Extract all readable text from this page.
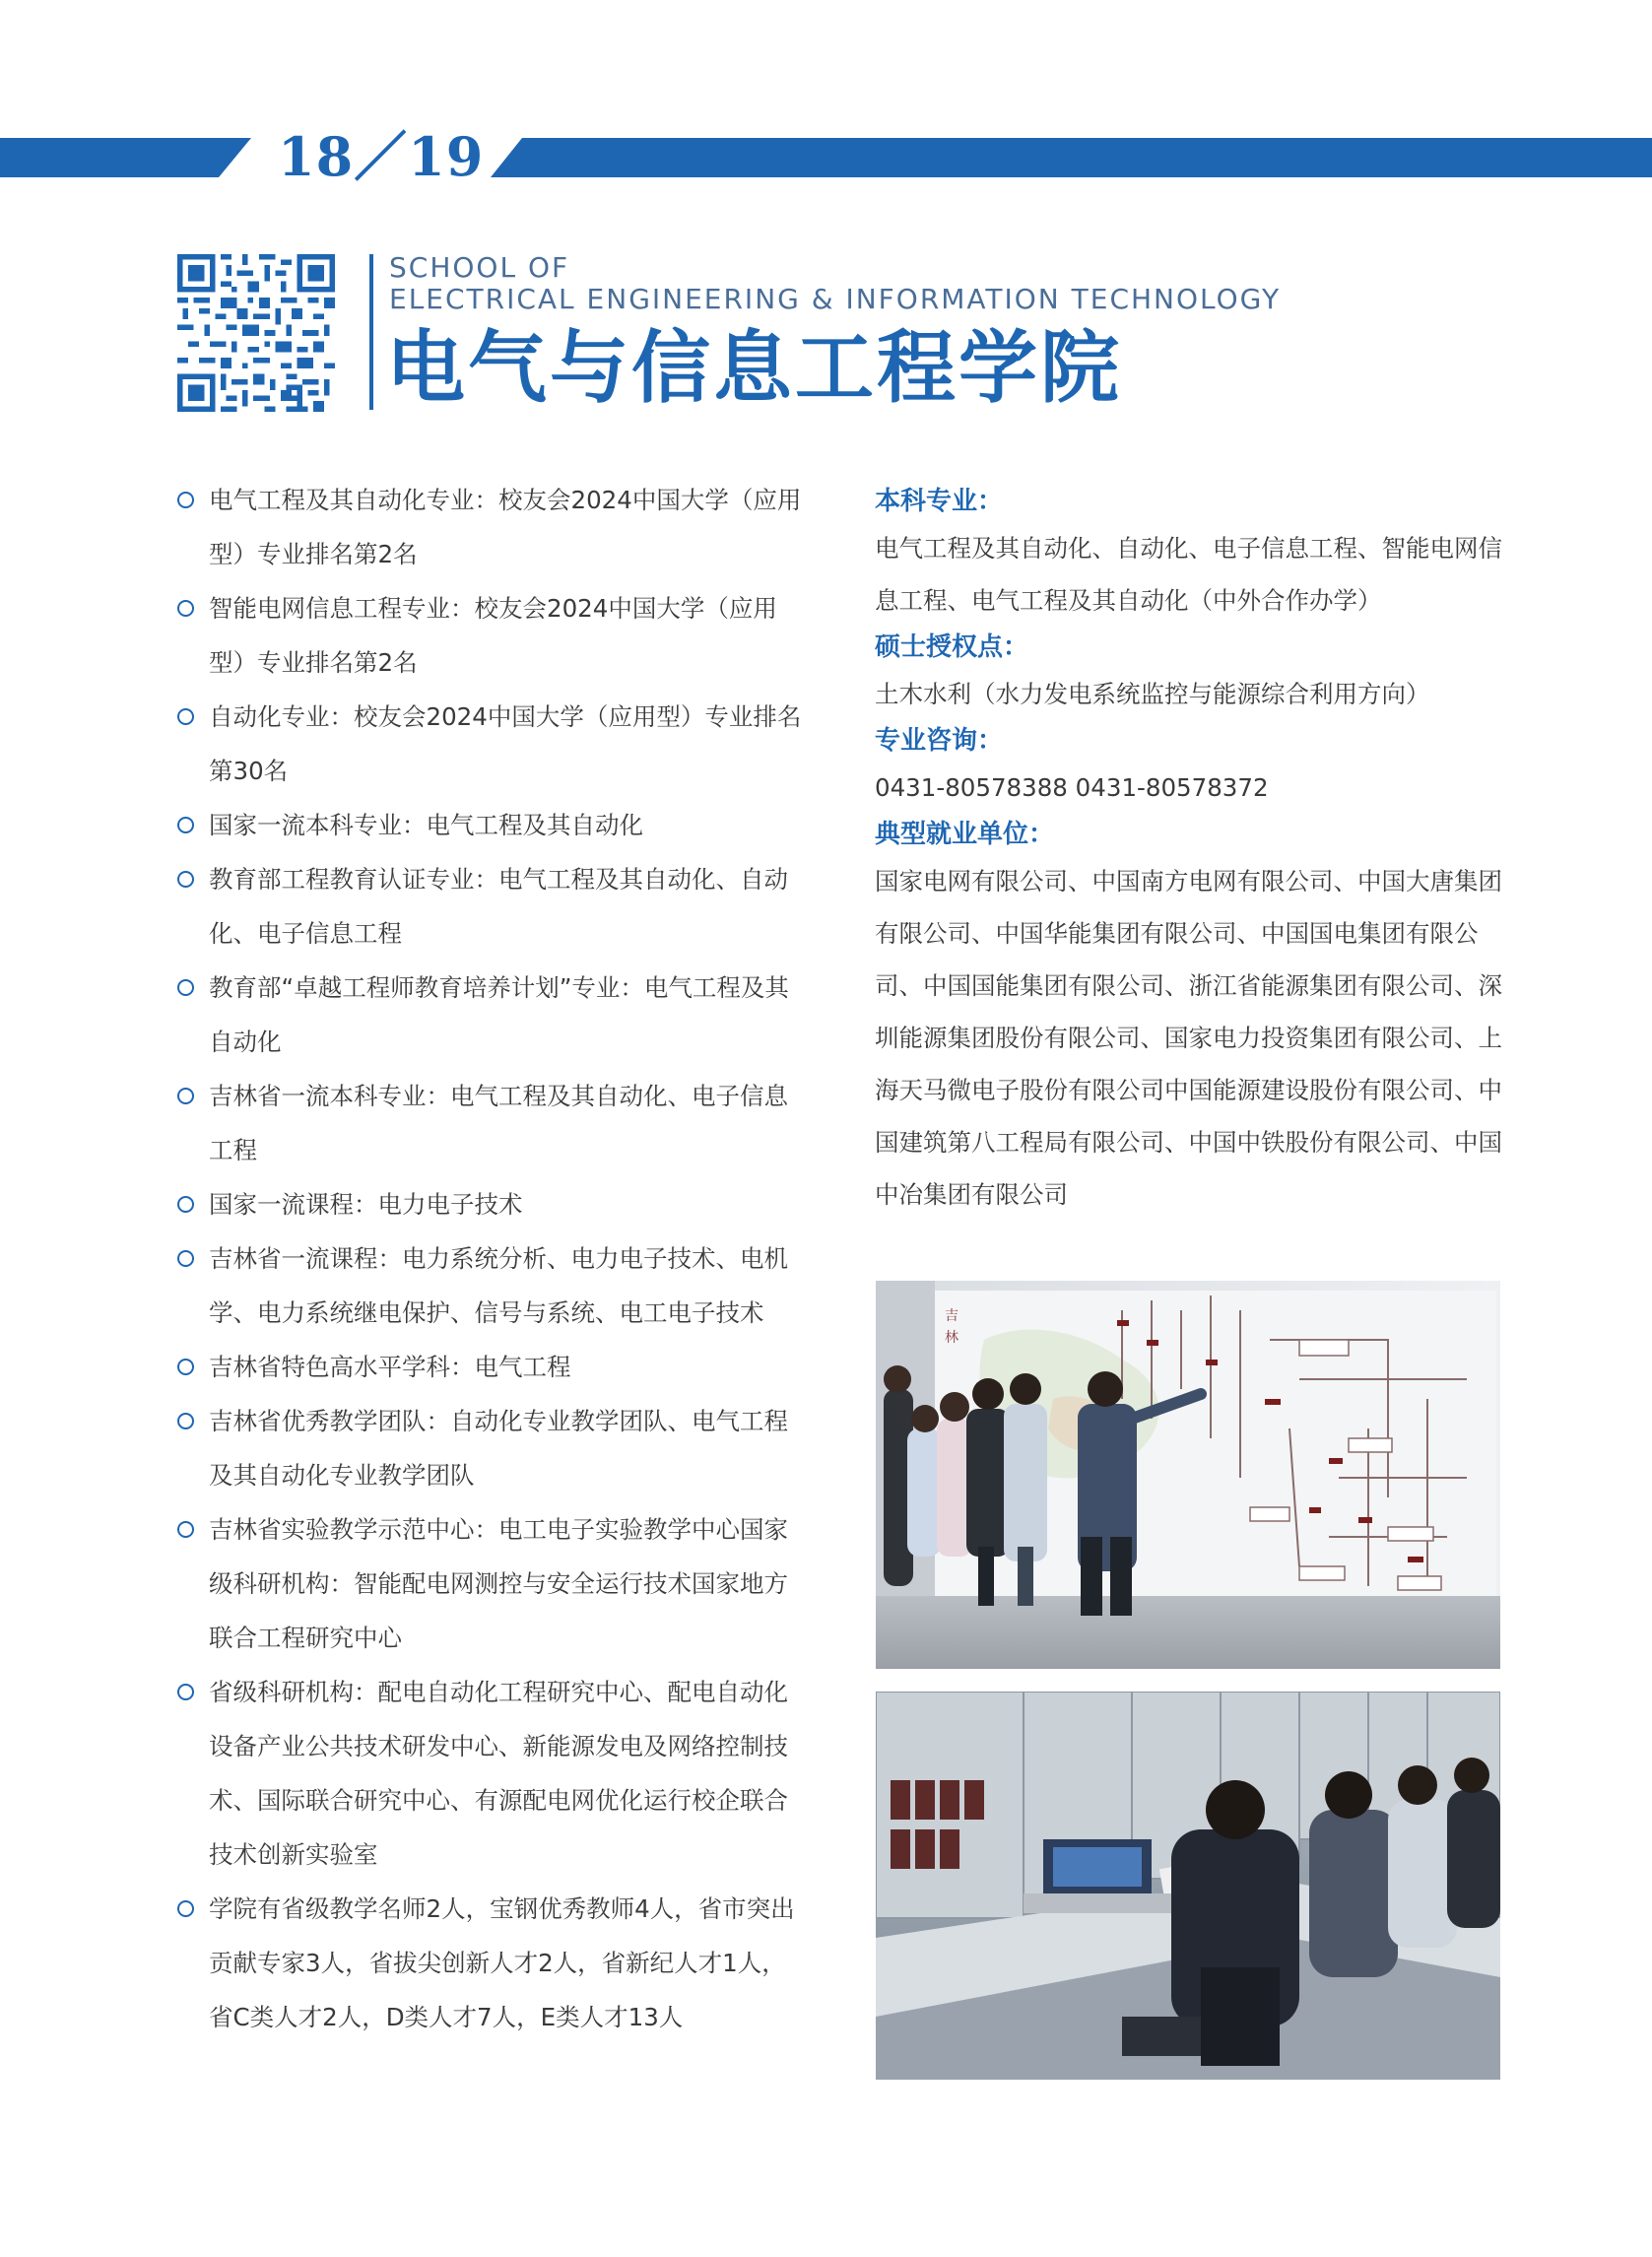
18／19
SCHOOL OF
ELECTRICAL ENGINEERING & INFORMATION TECHNOLOGY
电气与信息工程学院
电气工程及其自动化专业：校友会2024中国大学（应用型）专业排名第2名
智能电网信息工程专业：校友会2024中国大学（应用型）专业排名第2名
自动化专业：校友会2024中国大学（应用型）专业排名第30名
国家一流本科专业：电气工程及其自动化
教育部工程教育认证专业：电气工程及其自动化、自动化、电子信息工程
教育部“卓越工程师教育培养计划”专业：电气工程及其自动化
吉林省一流本科专业：电气工程及其自动化、电子信息工程
国家一流课程：电力电子技术
吉林省一流课程：电力系统分析、电力电子技术、电机学、电力系统继电保护、信号与系统、电工电子技术
吉林省特色高水平学科：电气工程
吉林省优秀教学团队：自动化专业教学团队、电气工程及其自动化专业教学团队
吉林省实验教学示范中心：电工电子实验教学中心国家级科研机构：智能配电网测控与安全运行技术国家地方联合工程研究中心
省级科研机构：配电自动化工程研究中心、配电自动化设备产业公共技术研发中心、新能源发电及网络控制技术、国际联合研究中心、有源配电网优化运行校企联合技术创新实验室
学院有省级教学名师2人，宝钢优秀教师4人，省市突出贡献专家3人，省拔尖创新人才2人，省新纪人才1人，省C类人才2人，D类人才7人，E类人才13人
本科专业：
电气工程及其自动化、自动化、电子信息工程、智能电网信息工程、电气工程及其自动化（中外合作办学）
硕士授权点：
土木水利（水力发电系统监控与能源综合利用方向）
专业咨询：
0431-80578388 0431-80578372
典型就业单位：
国家电网有限公司、中国南方电网有限公司、中国大唐集团有限公司、中国华能集团有限公司、中国国电集团有限公司、中国国能集团有限公司、浙江省能源集团有限公司、深圳能源集团股份有限公司、国家电力投资集团有限公司、上海天马微电子股份有限公司中国能源建设股份有限公司、中国建筑第八工程局有限公司、中国中铁股份有限公司、中国中冶集团有限公司
吉
林
